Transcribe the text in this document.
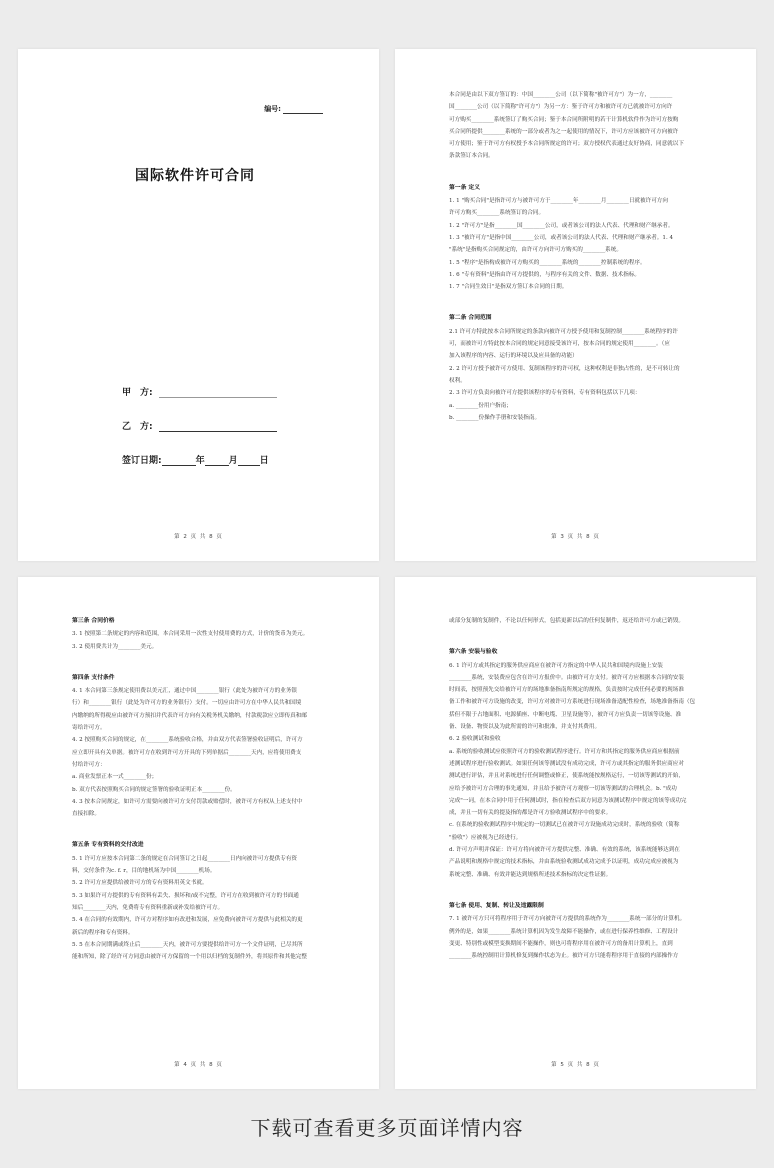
编号:
国际软件许可合同
甲　方:
乙　方:
签订日期:	年	月 日
第 2 页 共 8 页

本合同是由以下双方签订的：中国________公司（以下简称"被许可方"）为一方，________

国________公司（以下简称"许可方"）为另一方：鉴于许可方和被许可方已就被许可方向许

可方购买________系统签订了购买合同；鉴于本合同所附明的若干计算机软件作为许可方按购

买合同所提供________系统的一部分或者为之一起使用的情况下，许可方应该被许可方向被许

可方使用；鉴于许可方有权授予本合同所规定的许可；双方授权代表通过友好协商，同意就以下

条款签订本合同。

第一条 定义

1. 1 "购买合同"是指许可方与被许可方于________年________月________日就被许可方向

许可方购买________系统签订的合同。

1. 2 "许可方"是指________国________公司，或者该公司的法人代表、代理和财产继承者。

1. 3 "被许可方"是指中国________公司，或者该公司的法人代表、代理和财产继承者。1. 4

"系统"是指购买合同规定的，由许可方向许可方购买的________系统。

1. 5 "程序"是指构成被许可方购买的________系统的________控制系统的程序。

1. 6 "专有资料"是指由许可方提供的，与程序有关的文件、数据、技术指标。

1. 7 "合同生效日"是指双方签订本合同的日期。

第二条 合同范围

2.1 许可方特此按本合同所规定的条款向被许可方授予使用和复制控制________系统程序的许

可，而被许可方特此按本合同的规定同意接受该许可，按本合同的规定使用________。（应

加入该程序的内容、运行的环境以及应具备的功能）

2. 2 许可方授予被许可方使用、复制该程序的许可权，这种权利是非独占性的，是不可转让的

权利。

2. 3 许可方负责向被许可方提供该程序的专有资料，专有资料包括以下几项：

a. ________份用户指南；

b. ________份操作手册和安装指南。

第 3 页 共 8 页

第三条 合同价格

3. 1 按照第二条规定的内容和范围，本合同采用一次性支付使用费的方式，计价的货币为美元。

3. 2 使用费共计为________美元。

第四条 支付条件

4. 1 本合同第三条规定使用费以美元汇，通过中国________银行（此处为被许可方的业务银

行）和________银行（此处为许可方的业务银行）支付。一切应由许可方在中华人民共和国境

内缴纳的所得税应由被许可方预扣并代表许可方向有关税务机关缴纳，付款税款应立即传真和邮

寄给许可方。

4. 2 按照购买合同的规定，在________系统验收合格，并由双方代表签署验收证明后，许可方

应立即开具有关单据。被许可方在收到许可方开具的下列单据后________天内，应将使用费支

付给许可方：

a. 商业发票正本一式________份；

b. 双方代表按照购买合同的规定签署的验收证明正本________份。

4. 3 按本合同规定，如许可方需要向被许可方支付罚款或赔偿时，被许可方有权从上述支付中

直接扣除。

第五条 专有资料的交付改进

5. 1 许可方应按本合同第二条的规定在合同签订之日起________日内向被许可方提供专有资

料，交付条件为c. f. r，目的地机场为中国________机场。

5. 2 许可方应提供给被许可方的专有资料用英文书就。

5. 3 如果许可方提供的专有资料有丢失、损坏和/或不完整，许可方在收到被许可方的书面通

知后________天内，免费将专有资料重新或补发给被许可方。

5. 4 在合同的有效期内，许可方对程序如有改进和发展，应免费向被许可方提供与此相关的更

新后的程序和专有资料。

5. 5 在本合同期满或终止后________天内，被许可方要提供给许可方一个文件证明，已尽其所

能和所知，除了经许可方同意由被许可方保留的一个用以归档的复制件外，将其原件和其他完整

第 4 页 共 8 页

或部分复制的复制件，不论以任何形式，包括更新以后的任何复制件，返还给许可方或已销毁。

第六条 安装与验收

6. 1 许可方或其指定的服务供应商应在被许可方指定的中华人民共和国境内设施上安装

________系统，安装费应包含在许可方报价中。由被许可方支付。被许可方应根据本合同的安装

时间表，按照预先交给被许可方的场地准备指南所规定的规格，负责按时完成任何必要的现场准

备工作和被许可方设施的改变，许可方对被许可方系统进行现场准备适配性检查，场地准备指南（包

括但不限于占地面积、电源插座、中断电缆、卫星设施等），被许可方应负责一切该等设施、准

备、设备、物资以及为此所需的许可和批准，并支付其费用。

6. 2 验收测试和验收

a. 系统的验收测试应依照许可方的验收测试程序进行。许可方和其指定的服务供应商应根据前

述测试程序进行验收测试。如果任何该等测试没有成功完成，许可方或其指定的服务供应商应对

测试进行评估，并且对系统进行任何调整或修正，使系统能按规格运行，一切该等测试的开始，

应给予被许可方合理的事先通知，并且给予被许可方观察一切该等测试的合理机会。b. "成功

完成"一词，在本合同中用于任何测试时，指在检查后双方同意为该测试程序中规定的该等成功完

成，并且一切有关的提及指的都是许可方验收测试程序中的要求。

c. 在系统的验收测试程序中规定的一切测试已在被许可方设施成功完成时，系统的验收（简称

"验收"）应被视为已经进行。

d. 许可方声明并保证：许可方将向被许可方提供完整、准确、有效的系统，该系统能够达到在

产品说明和规格中规定的技术指标，并由系统验收测试成功完成予以证明，成功完成应被视为

系统完整、准确、有效并能达到规格所述技术指标的决定性证据。

第七条 使用、复制、转让及违露限制

7. 1 被许可方只可将程序用于许可方向被许可方提供的系统作为________系统一部分的计算机。

例外的是，如果________系统计算机因为发生故障不能操作，或在进行保养性维修、工程设计

变更、特别性或模型变换期间不能操作，则也可将程序用在被许可方的备用计算机上，直到

________系统控制用计算机修复到操作状态为止。被许可方只能将程序用于直接的内部操作方

第 5 页 共 8 页
下载可查看更多页面详情内容
